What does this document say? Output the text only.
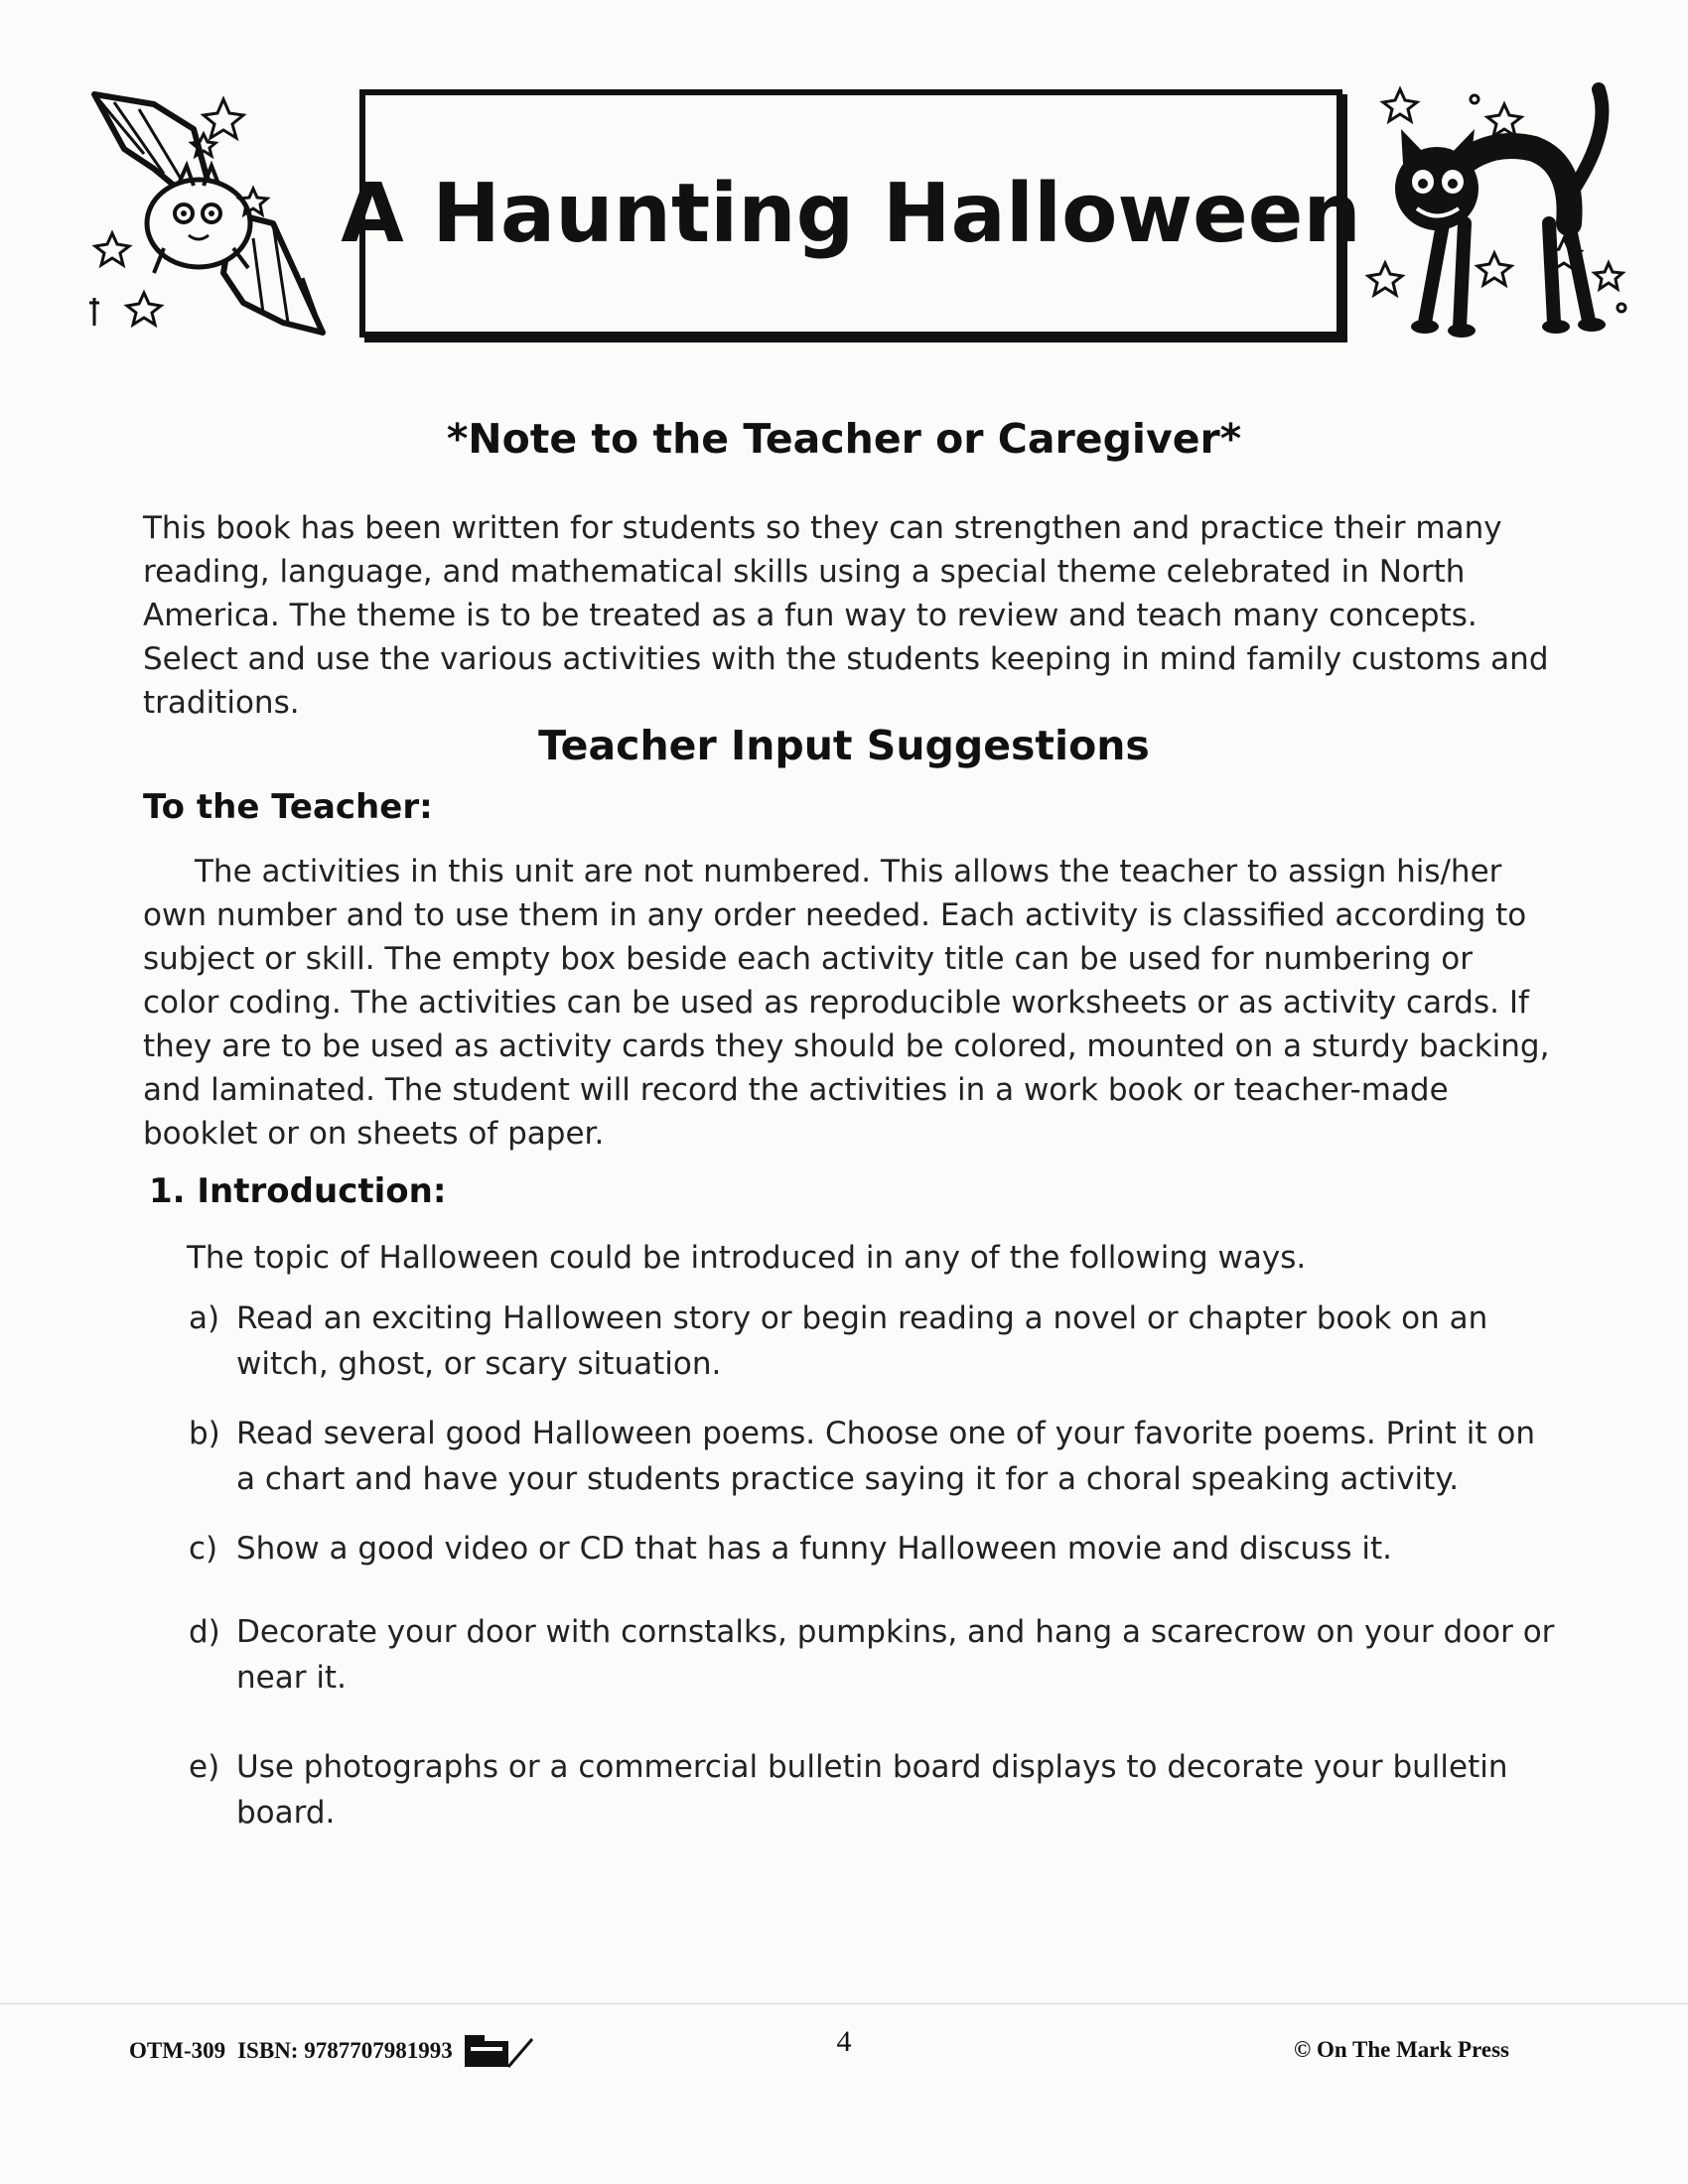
A Haunting Halloween
*Note to the Teacher or Caregiver*
This book has been written for students so they can strengthen and practice their many reading, language, and mathematical skills using a special theme celebrated in North America. The theme is to be treated as a fun way to review and teach many concepts. Select and use the various activities with the students keeping in mind family customs and traditions.
Teacher Input Suggestions
To the Teacher:
The activities in this unit are not numbered. This allows the teacher to assign his/her own number and to use them in any order needed. Each activity is classified according to subject or skill. The empty box beside each activity title can be used for numbering or color coding. The activities can be used as reproducible worksheets or as activity cards. If they are to be used as activity cards they should be colored, mounted on a sturdy backing, and laminated. The student will record the activities in a work book or teacher-made booklet or on sheets of paper.
1. Introduction:
The topic of Halloween could be introduced in any of the following ways.
a) Read an exciting Halloween story or begin reading a novel or chapter book on an witch, ghost, or scary situation.
b) Read several good Halloween poems. Choose one of your favorite poems. Print it on a chart and have your students practice saying it for a choral speaking activity.
c) Show a good video or CD that has a funny Halloween movie and discuss it.
d) Decorate your door with cornstalks, pumpkins, and hang a scarecrow on your door or near it.
e) Use photographs or a commercial bulletin board displays to decorate your bulletin board.
OTM-309 ISBN: 9787707981993	4	© On The Mark Press
